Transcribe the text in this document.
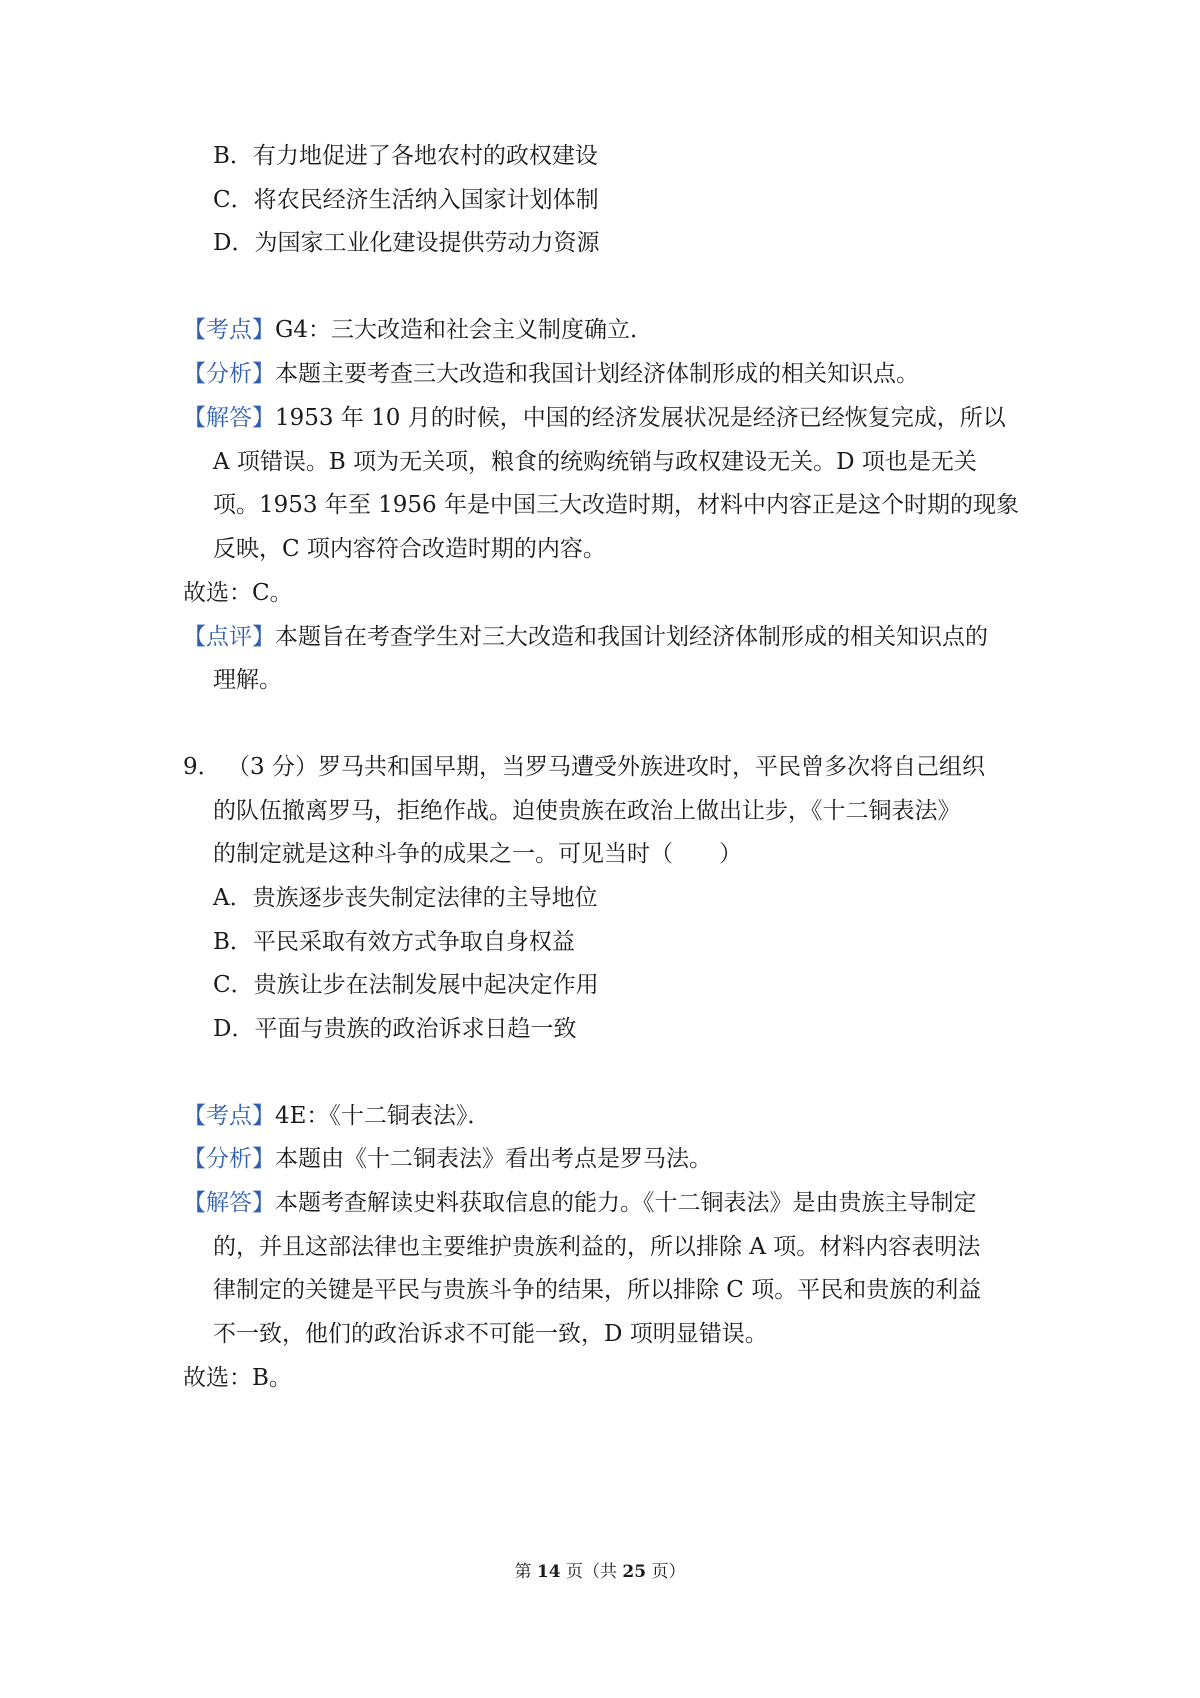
B．有力地促进了各地农村的政权建设
C．将农民经济生活纳入国家计划体制
D．为国家工业化建设提供劳动力资源
【考点】G4：三大改造和社会主义制度确立．
【分析】本题主要考查三大改造和我国计划经济体制形成的相关知识点。
【解答】1953 年 10 月的时候，中国的经济发展状况是经济已经恢复完成，所以
A 项错误。B 项为无关项，粮食的统购统销与政权建设无关。D 项也是无关
项。1953 年至 1956 年是中国三大改造时期，材料中内容正是这个时期的现象
反映，C 项内容符合改造时期的内容。
故选：C。
【点评】本题旨在考查学生对三大改造和我国计划经济体制形成的相关知识点的
理解。
9． （3 分）罗马共和国早期，当罗马遭受外族进攻时，平民曾多次将自己组织
的队伍撤离罗马，拒绝作战。迫使贵族在政治上做出让步，《十二铜表法》
的制定就是这种斗争的成果之一。可见当时（　　）
A．贵族逐步丧失制定法律的主导地位
B．平民采取有效方式争取自身权益
C．贵族让步在法制发展中起决定作用
D．平面与贵族的政治诉求日趋一致
【考点】4E：《十二铜表法》．
【分析】本题由《十二铜表法》看出考点是罗马法。
【解答】本题考查解读史料获取信息的能力。《十二铜表法》是由贵族主导制定
的，并且这部法律也主要维护贵族利益的，所以排除 A 项。材料内容表明法
律制定的关键是平民与贵族斗争的结果，所以排除 C 项。平民和贵族的利益
不一致，他们的政治诉求不可能一致，D 项明显错误。
故选：B。
第 14 页（共 25 页）
